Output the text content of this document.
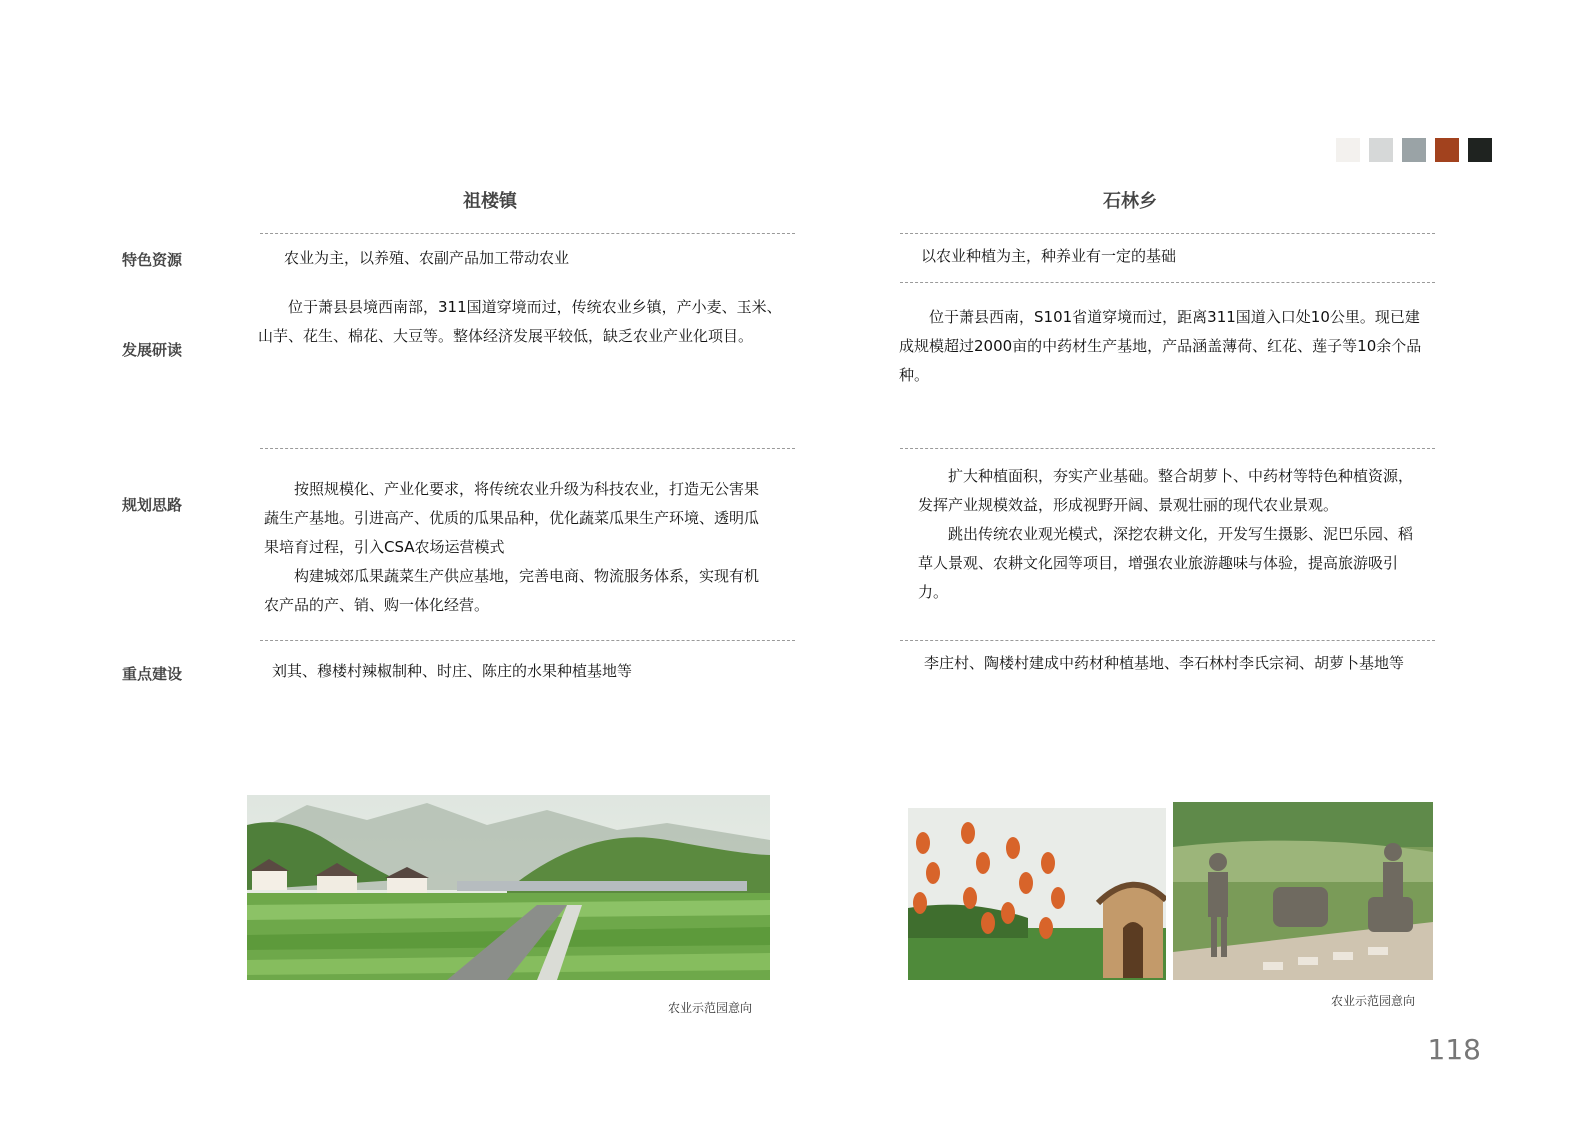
祖楼镇	石林乡
特色资源
发展研读
规划思路
重点建设
农业为主，以养殖、农副产品加工带动农业

位于萧县县境西南部，311国道穿境而过，传统农业乡镇，产小麦、玉米、山芋、花生、棉花、大豆等。整体经济发展平较低，缺乏农业产业化项目。

按照规模化、产业化要求，将传统农业升级为科技农业，打造无公害果蔬生产基地。引进高产、优质的瓜果品种，优化蔬菜瓜果生产环境、透明瓜果培育过程，引入CSA农场运营模式

构建城郊瓜果蔬菜生产供应基地，完善电商、物流服务体系，实现有机农产品的产、销、购一体化经营。

刘其、穆楼村辣椒制种、时庄、陈庄的水果种植基地等
以农业种植为主，种养业有一定的基础

位于萧县西南，S101省道穿境而过，距离311国道入口处10公里。现已建成规模超过2000亩的中药材生产基地，产品涵盖薄荷、红花、莲子等10余个品种。

扩大种植面积，夯实产业基础。整合胡萝卜、中药材等特色种植资源，发挥产业规模效益，形成视野开阔、景观壮丽的现代农业景观。

跳出传统农业观光模式，深挖农耕文化，开发写生摄影、泥巴乐园、稻草人景观、农耕文化园等项目，增强农业旅游趣味与体验，提高旅游吸引力。

李庄村、陶楼村建成中药材种植基地、李石林村李氏宗祠、胡萝卜基地等
农业示范园意向	农业示范园意向
118
